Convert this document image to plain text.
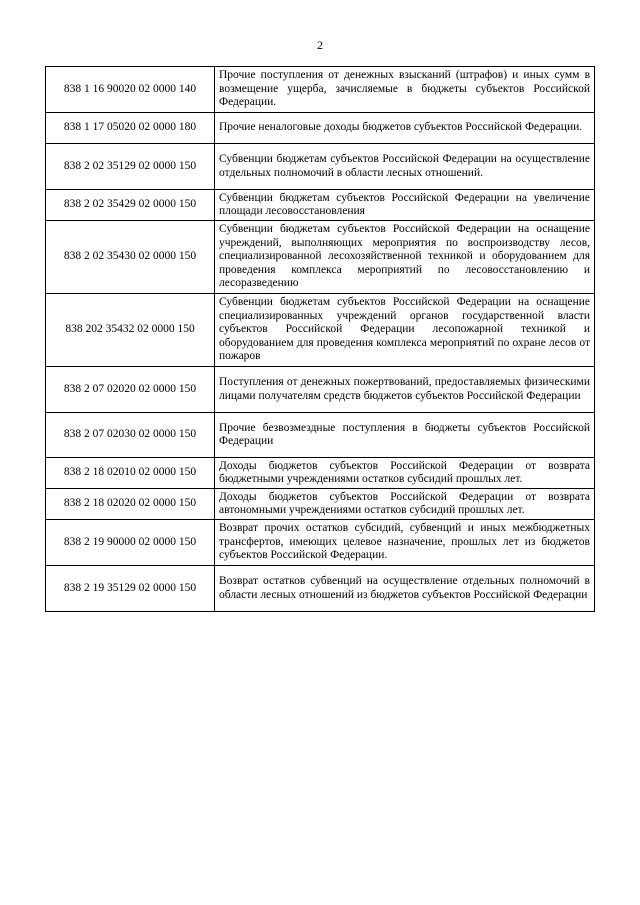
2
838 1 16 90020 02 0000 140	Прочие поступления от денежных взысканий (штрафов) и иных сумм в возмещение ущерба, зачисляемые в бюджеты субъектов Российской Федерации.
838 1 17 05020 02 0000 180	Прочие неналоговые доходы бюджетов субъектов Российской Федерации.
838 2 02 35129 02 0000 150	Субвенции бюджетам субъектов Российской Федерации на осуществление отдельных полномочий в области лесных отношений.
838 2 02 35429 02 0000 150	Субвенции бюджетам субъектов Российской Федерации на увеличение площади лесовосстановления
838 2 02 35430 02 0000 150	Субвенции бюджетам субъектов Российской Федерации на оснащение учреждений, выполняющих мероприятия по воспроизводству лесов, специализированной лесохозяйственной техникой и оборудованием для проведения комплекса мероприятий по лесовосстановлению и лесоразведению
838 202 35432 02 0000 150	Субвенции бюджетам субъектов Российской Федерации на оснащение специализированных учреждений органов государственной власти субъектов Российской Федерации лесопожарной техникой и оборудованием для проведения комплекса мероприятий по охране лесов от пожаров
838 2 07 02020 02 0000 150	Поступления от денежных пожертвований, предоставляемых физическими лицами получателям средств бюджетов субъектов Российской Федерации
838 2 07 02030 02 0000 150	Прочие безвозмездные поступления в бюджеты субъектов Российской Федерации
838 2 18 02010 02 0000 150	Доходы бюджетов субъектов Российской Федерации от возврата бюджетными учреждениями остатков субсидий прошлых лет.
838 2 18 02020 02 0000 150	Доходы бюджетов субъектов Российской Федерации от возврата автономными учреждениями остатков субсидий прошлых лет.
838 2 19 90000 02 0000 150	Возврат прочих остатков субсидий, субвенций и иных межбюджетных трансфертов, имеющих целевое назначение, прошлых лет из бюджетов субъектов Российской Федерации.
838 2 19 35129 02 0000 150	Возврат остатков субвенций на осуществление отдельных полномочий в области лесных отношений из бюджетов субъектов Российской Федерации
